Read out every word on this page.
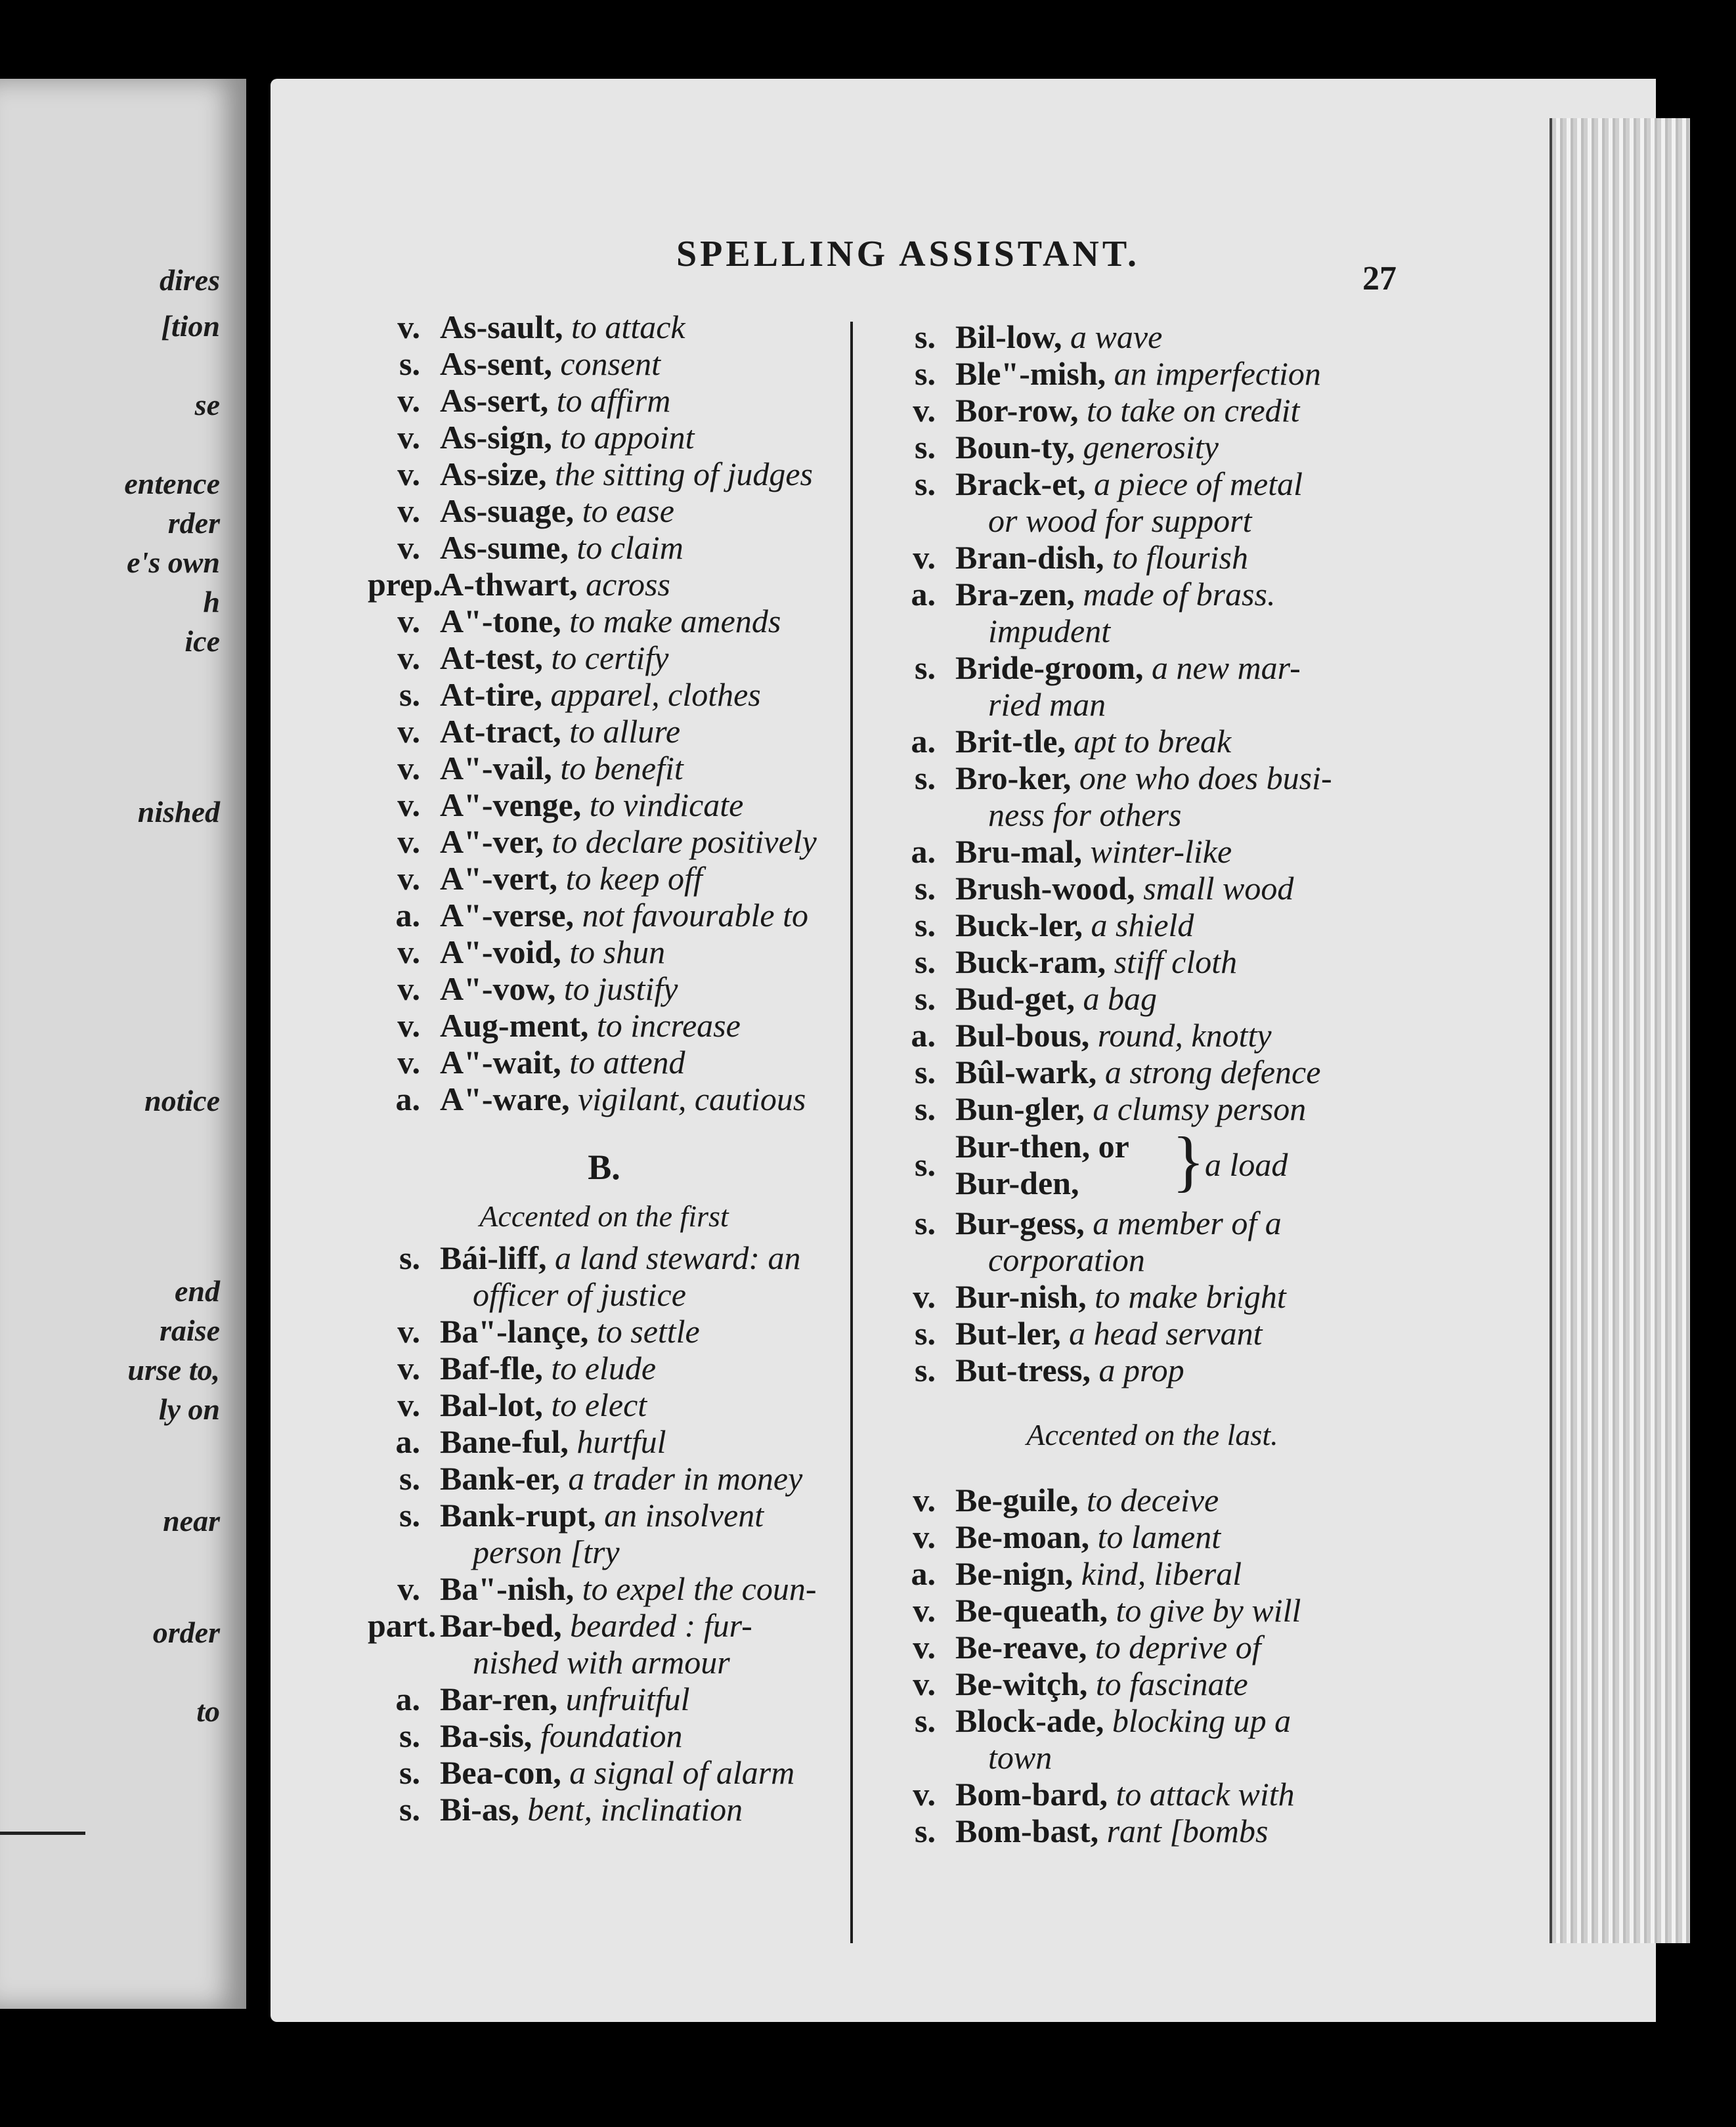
dires
[tion
se
entence
rder
e's own
h
ice
nished
notice
end
raise
urse to,
ly on
near
order
to
SPELLING ASSISTANT.
27
v. As-sault, to attack
s. As-sent, consent
v. As-sert, to affirm
v. As-sign, to appoint
v. As-size, the sitting of judges
v. As-suage, to ease
v. As-sume, to claim
prep.
A-thwart, across
v. A"-tone, to make amends
v. At-test, to certify
s. At-tire, apparel, clothes
v. At-tract, to allure
v. A"-vail, to benefit
v. A"-venge, to vindicate
v. A"-ver, to declare positively
v. A"-vert, to keep off
a. A"-verse, not favourable to
v. A"-void, to shun
v. A"-vow, to justify
v. Aug-ment, to increase
v. A"-wait, to attend
a. A"-ware, vigilant, cautious
B.
Accented on the first
s. Bái-liff, a land steward: an
officer of justice
v. Ba"-lançe, to settle
v. Baf-fle, to elude
v. Bal-lot, to elect
a. Bane-ful, hurtful
s. Bank-er, a trader in money
s. Bank-rupt, an insolvent
person [try
v. Ba"-nish, to expel the coun-
part. Bar-bed, bearded : fur-
nished with armour
a. Bar-ren, unfruitful
s. Ba-sis, foundation
s. Bea-con, a signal of alarm
s. Bi-as, bent, inclination
s. Bil-low, a wave
s. Ble"-mish, an imperfection
v. Bor-row, to take on credit
s. Boun-ty, generosity
s. Brack-et, a piece of metal
or wood for support
v. Bran-dish, to flourish
a. Bra-zen, made of brass.
impudent
s. Bride-groom, a new mar-
ried man
a. Brit-tle, apt to break
s. Bro-ker, one who does busi-
ness for others
a. Bru-mal, winter-like
s. Brush-wood, small wood
s. Buck-ler, a shield
s. Buck-ram, stiff cloth
s. Bud-get, a bag
a. Bul-bous, round, knotty
s. Bûl-wark, a strong defence
s. Bun-gler, a clumsy person
s. Bur-then, or
Bur-den, } a load
s. Bur-gess, a member of a
corporation
v. Bur-nish, to make bright
s. But-ler, a head servant
s. But-tress, a prop
Accented on the last.
v. Be-guile, to deceive
v. Be-moan, to lament
a. Be-nign, kind, liberal
v. Be-queath, to give by will
v. Be-reave, to deprive of
v. Be-witçh, to fascinate
s. Block-ade, blocking up a
town
v. Bom-bard, to attack with
s. Bom-bast, rant [bombs
